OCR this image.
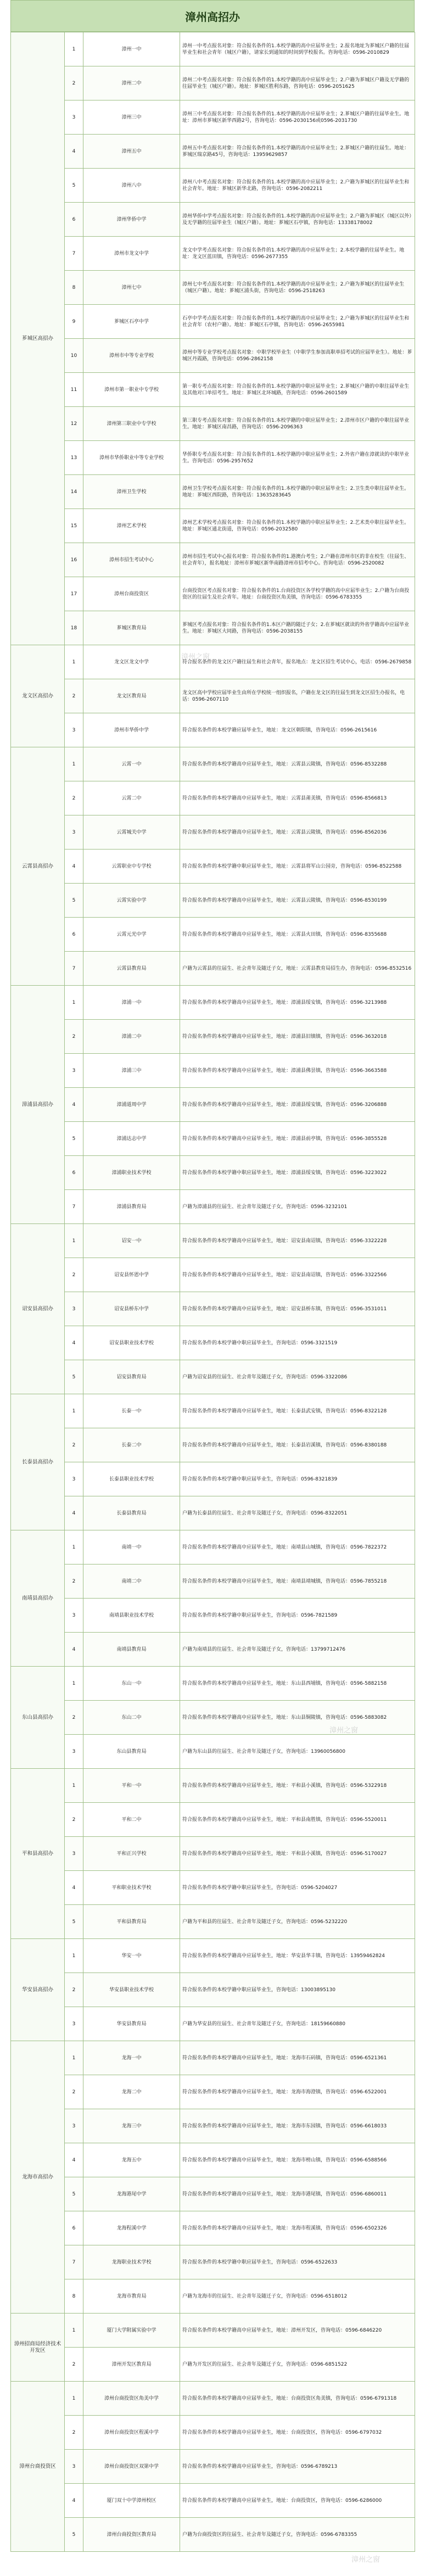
漳州高招办
芗城区高招办	1	漳州一中	漳州一中考点报名对象：符合报名条件的1.本校学籍的高中应届毕业生；2.报名地址为芗城区户籍的往届毕业生和社会青年（城区户籍），请家长到通知的时间到学校报名。咨询电话：0596-2010829
	2	漳州二中	漳州二中考点报名对象：符合报名条件的1.本校学籍的高中应届毕业生；2.户籍为芗城区户籍及无学籍的往届毕业生（城区户籍）。地址：芗城区胜利东路，咨询电话：0596-2051625
	3	漳州三中	漳州三中考点报名对象：符合报名条件的1.本校学籍的高中应届毕业生；2.芗城区户籍的往届毕业生。地址：漳州市芗城区新华西路2号，咨询电话：0596-2030156或0596-2031730
	4	漳州五中	漳州五中考点报名对象：符合报名条件的1.本校学籍的高中应届毕业生；2.芗城区户籍的往届生。地址：芗城区瑞京路45号，咨询电话：13959629857
	5	漳州八中	漳州八中考点报名对象：符合报名条件的1.本校学籍的高中应届毕业生；2.户籍为芗城区的往届毕业生和社会青年。地址：芗城区新华北路，咨询电话：0596-2082211
	6	漳州华侨中学	漳州华侨中学考点报名对象：符合报名条件的1.本校学籍的高中应届毕业生；2.户籍为芗城区（城区以外）及无学籍的往届毕业生（城区户籍）。地址：芗城区石亭镇，咨询电话：13338178002
	7	漳州市龙文中学	龙文中学考点报名对象：符合报名条件的1.本校学籍的高中应届毕业生；2.本校学籍的往届毕业生。地址：龙文区蓝田镇，咨询电话：0596-2677355
	8	漳州七中	漳州七中考点报名对象：符合报名条件的1.本校学籍的高中应届毕业生；2.户籍为芗城区的往届毕业生（城区户籍）。地址：芗城区浦头街，咨询电话：0596-2518263
	9	芗城区石亭中学	石亭中学考点报名对象：符合报名条件的1.本校学籍的高中应届毕业生；2.户籍为芗城区的往届毕业生和社会青年（农村户籍）。地址：芗城区石亭镇，咨询电话：0596-2655981
	10	漳州市中等专业学校	漳州中等专业学校考点报名对象：中职学校毕业生（中职学生参加高职单招考试的应届毕业生）。地址：芗城区丹霞路，咨询电话：0596-2862158
	11	漳州市第一职业中专学校	第一职专考点报名对象：符合报名条件的1.本校学籍的中职应届毕业生；2.芗城区户籍的中职往届毕业生及其他对口单招考生。地址：芗城区北环城路，咨询电话：0596-2601589
	12	漳州第三职业中专学校	第三职专考点报名对象：符合报名条件的1.本校学籍的中职应届毕业生；2.漳州市区户籍的中职往届毕业生。地址：芗城区南昌路，咨询电话：0596-2096363
	13	漳州市华侨职业中等专业学校	华侨职专考点报名对象：符合报名条件的1.本校学籍的中职应届毕业生；2.外省户籍在漳就读的中职毕业生。咨询电话：0596-2957652
	14	漳州卫生学校	漳州卫生学校考点报名对象：符合报名条件的1.本校学籍的中职应届毕业生；2.卫生类中职往届毕业生。地址：芗城区西院路，咨询电话：13635283645
	15	漳州艺术学校	漳州艺术学校考点报名对象：符合报名条件的1.本校学籍的中职应届毕业生；2.艺术类中职往届毕业生。地址：芗城区通北街道，咨询电话：0596-2032580
	16	漳州市招生考试中心	漳州市招生考试中心报名对象：符合报名条件的1.港澳台考生；2.户籍在漳州市区的非在校生（往届生、社会青年），报名地址：漳州市芗城区新华南路漳州市招考中心。咨询电话：0596-2520082
	17	漳州台商投资区	台商投资区考点报名对象：符合报名条件的1.台商投资区各学校学籍的高中应届毕业生；2.户籍为台商投资区的往届生及社会青年。地址：台商投资区角美镇，咨询电话：0596-6783355
	18	芗城区教育局	芗城区考点报名对象：符合报名条件的1.本区户籍的随迁子女；2.在芗城区就读的外省学籍高中应届毕业生。地址：芗城区大同路，咨询电话：0596-2038155
龙文区高招办	1	龙文区龙文中学	符合报名条件的龙文区户籍往届生和社会青年，报名地点：龙文区招生考试中心，电话：0596-2679858
	2	龙文区教育局	龙文区高中学校应届毕业生由所在学校统一组织报名，户籍在龙文区的往届生到龙文区招生办报名，电话：0596-2607110
	3	漳州市华侨中学	符合报名条件的本校学籍应届毕业生，地址：龙文区朝阳镇，咨询电话：0596-2615616
云霄县高招办	1	云霄一中	符合报名条件的本校学籍高中应届毕业生，地址：云霄县云陵镇，咨询电话：0596-8532288
	2	云霄二中	符合报名条件的本校学籍高中应届毕业生，地址：云霄县莆美镇，咨询电话：0596-8566813
	3	云霄城关中学	符合报名条件的本校学籍高中应届毕业生，地址：云霄县云陵镇，咨询电话：0596-8562036
	4	云霄职业中专学校	符合报名条件的本校学籍中职应届毕业生，地址：云霄县将军山公园旁，咨询电话：0596-8522588
	5	云霄实验中学	符合报名条件的本校学籍高中应届毕业生，地址：云霄县云陵镇，咨询电话：0596-8530199
	6	云霄元光中学	符合报名条件的本校学籍高中应届毕业生，地址：云霄县火田镇，咨询电话：0596-8355688
	7	云霄县教育局	户籍为云霄县的往届生、社会青年及随迁子女，地址：云霄县教育局招生办，咨询电话：0596-8532516
漳浦县高招办	1	漳浦一中	符合报名条件的本校学籍高中应届毕业生，地址：漳浦县绥安镇，咨询电话：0596-3213988
	2	漳浦二中	符合报名条件的本校学籍高中应届毕业生，地址：漳浦县旧镇镇，咨询电话：0596-3632018
	3	漳浦三中	符合报名条件的本校学籍高中应届毕业生，地址：漳浦县佛昙镇，咨询电话：0596-3663588
	4	漳浦道周中学	符合报名条件的本校学籍高中应届毕业生，地址：漳浦县绥安镇，咨询电话：0596-3206888
	5	漳浦达志中学	符合报名条件的本校学籍高中应届毕业生，地址：漳浦县前亭镇，咨询电话：0596-3855528
	6	漳浦职业技术学校	符合报名条件的本校学籍中职应届毕业生，地址：漳浦县绥安镇，咨询电话：0596-3223022
	7	漳浦县教育局	户籍为漳浦县的往届生、社会青年及随迁子女，咨询电话：0596-3232101
诏安县高招办	1	诏安一中	符合报名条件的本校学籍高中应届毕业生，地址：诏安县南诏镇，咨询电话：0596-3322228
	2	诏安县怀恩中学	符合报名条件的本校学籍高中应届毕业生，地址：诏安县南诏镇，咨询电话：0596-3322566
	3	诏安县桥东中学	符合报名条件的本校学籍高中应届毕业生，地址：诏安县桥东镇，咨询电话：0596-3531011
	4	诏安县职业技术学校	符合报名条件的本校学籍中职应届毕业生，咨询电话：0596-3321519
	5	诏安县教育局	户籍为诏安县的往届生、社会青年及随迁子女，咨询电话：0596-3322086
长泰县高招办	1	长泰一中	符合报名条件的本校学籍高中应届毕业生，地址：长泰县武安镇，咨询电话：0596-8322128
	2	长泰二中	符合报名条件的本校学籍高中应届毕业生，地址：长泰县岩溪镇，咨询电话：0596-8380188
	3	长泰县职业技术学校	符合报名条件的本校学籍中职应届毕业生，咨询电话：0596-8321839
	4	长泰县教育局	户籍为长泰县的往届生、社会青年及随迁子女，咨询电话：0596-8322051
南靖县高招办	1	南靖一中	符合报名条件的本校学籍高中应届毕业生，地址：南靖县山城镇，咨询电话：0596-7822372
	2	南靖二中	符合报名条件的本校学籍高中应届毕业生，地址：南靖县靖城镇，咨询电话：0596-7855218
	3	南靖县职业技术学校	符合报名条件的本校学籍中职应届毕业生，咨询电话：0596-7821589
	4	南靖县教育局	户籍为南靖县的往届生、社会青年及随迁子女，咨询电话：13799712476
东山县高招办	1	东山一中	符合报名条件的本校学籍高中应届毕业生，地址：东山县西埔镇，咨询电话：0596-5882158
	2	东山二中	符合报名条件的本校学籍高中应届毕业生，地址：东山县铜陵镇，咨询电话：0596-5883082
	3	东山县教育局	户籍为东山县的往届生、社会青年及随迁子女，咨询电话：13960056800
平和县高招办	1	平和一中	符合报名条件的本校学籍高中应届毕业生，地址：平和县小溪镇，咨询电话：0596-5322918
	2	平和二中	符合报名条件的本校学籍高中应届毕业生，地址：平和县南胜镇，咨询电话：0596-5520011
	3	平和正兴学校	符合报名条件的本校学籍高中应届毕业生，地址：平和县小溪镇，咨询电话：0596-5170027
	4	平和职业技术学校	符合报名条件的本校学籍中职应届毕业生，咨询电话：0596-5204027
	5	平和县教育局	户籍为平和县的往届生、社会青年及随迁子女，咨询电话：0596-5232220
华安县高招办	1	华安一中	符合报名条件的本校学籍高中应届毕业生，地址：华安县华丰镇，咨询电话：13959462824
	2	华安县职业技术学校	符合报名条件的本校学籍中职应届毕业生，咨询电话：13003895130
	3	华安县教育局	户籍为华安县的往届生、社会青年及随迁子女，咨询电话：18159660880
龙海市高招办	1	龙海一中	符合报名条件的本校学籍高中应届毕业生，地址：龙海市石码镇，咨询电话：0596-6521361
	2	龙海二中	符合报名条件的本校学籍高中应届毕业生，地址：龙海市海澄镇，咨询电话：0596-6522001
	3	龙海三中	符合报名条件的本校学籍高中应届毕业生，地址：龙海市东园镇，咨询电话：0596-6618033
	4	龙海五中	符合报名条件的本校学籍高中应届毕业生，地址：龙海市榜山镇，咨询电话：0596-6588566
	5	龙海港尾中学	符合报名条件的本校学籍高中应届毕业生，地址：龙海市港尾镇，咨询电话：0596-6860011
	6	龙海程溪中学	符合报名条件的本校学籍高中应届毕业生，地址：龙海市程溪镇，咨询电话：0596-6502326
	7	龙海职业技术学校	符合报名条件的本校学籍中职应届毕业生，咨询电话：0596-6522633
	8	龙海市教育局	户籍为龙海市的往届生、社会青年及随迁子女，咨询电话：0596-6518012
漳州招商局经济技术开发区	1	厦门大学附属实验中学	符合报名条件的本校学籍高中应届毕业生，地址：漳州开发区，咨询电话：0596-6846220
	2	漳州开发区教育局	户籍为开发区的往届生、社会青年及随迁子女，咨询电话：0596-6851522
漳州台商投资区	1	漳州台商投资区角美中学	符合报名条件的本校学籍高中应届毕业生，地址：台商投资区角美镇，咨询电话：0596-6791318
	2	漳州台商投资区程溪中学	符合报名条件的本校学籍高中应届毕业生，地址：台商投资区，咨询电话：0596-6797032
	3	漳州台商投资区双第中学	符合报名条件的本校学籍高中应届毕业生，咨询电话：0596-6789213
	4	厦门双十中学漳州校区	符合报名条件的本校学籍高中应届毕业生，地址：台商投资区，咨询电话：0596-6286000
	5	漳州台商投资区教育局	户籍为台商投资区的往届生、社会青年及随迁子女，咨询电话：0596-6783355
漳州之窗
漳州之窗
漳州之窗
